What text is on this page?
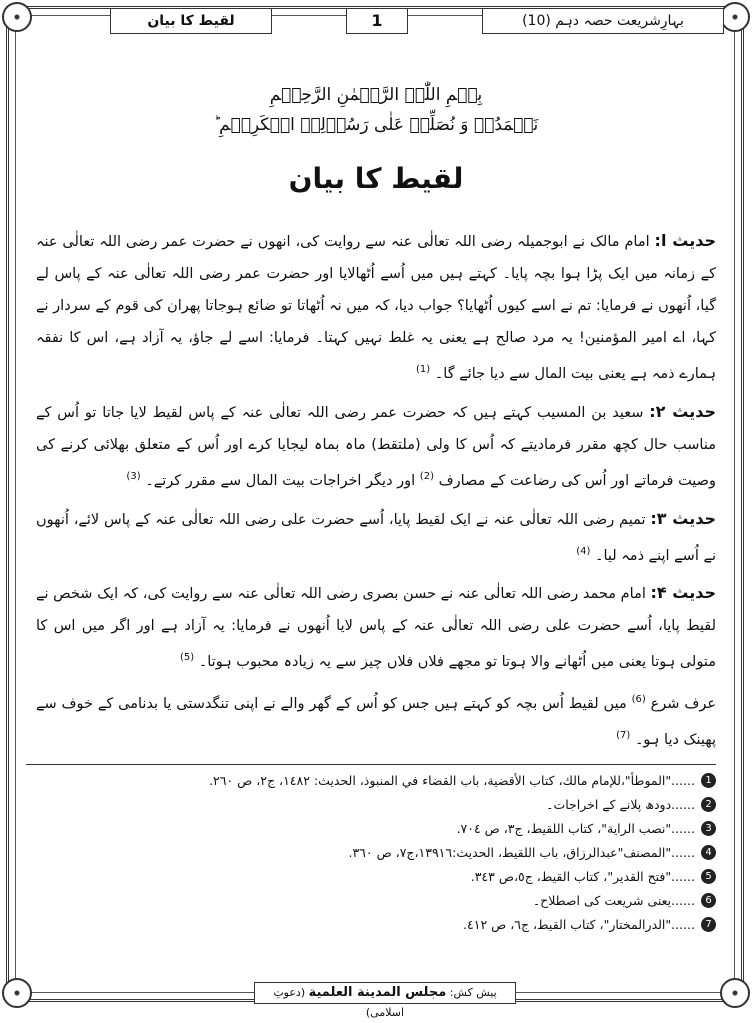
بہارِشریعت حصہ دہم (10)
1
لقیط کا بیان
بِسۡمِ اللّٰہِ الرَّحۡمٰنِ الرَّحِیۡمِ
نَحۡمَدُہٗ وَ نُصَلِّیۡ عَلٰی رَسُوۡلِہِ الۡکَرِیۡمِ ؕ
لقیط کا بیان

حدیث ا: امام مالک نے ابوجمیلہ رضی اللہ تعالٰی عنہ سے روایت کی، انھوں نے حضرت عمر رضی اللہ تعالٰی عنہ کے زمانہ میں ایک پڑا ہوا بچہ پایا۔ کہتے ہیں میں اُسے اُٹھالایا اور حضرت عمر رضی اللہ تعالٰی عنہ کے پاس لے گیا، اُنھوں نے فرمایا: تم نے اسے کیوں اُٹھایا؟ جواب دیا، کہ میں نہ اُٹھاتا تو ضائع ہوجاتا پھران کی قوم کے سردار نے کہا، اے امیر المؤمنین! یہ مرد صالح ہے یعنی یہ غلط نہیں کہتا۔ فرمایا: اسے لے جاؤ، یہ آزاد ہے، اس کا نفقہ ہمارے ذمہ ہے یعنی بیت المال سے دیا جائے گا۔ $^{(1)}$

حدیث ۲: سعید بن المسیب کہتے ہیں کہ حضرت عمر رضی اللہ تعالٰی عنہ کے پاس لقیط لایا جاتا تو اُس کے مناسب حال کچھ مقرر فرمادیتے کہ اُس کا ولی (ملتقط) ماہ بماہ لیجایا کرے اور اُس کے متعلق بھلائی کرنے کی وصیت فرماتے اور اُس کی رضاعت کے مصارف $^{(2)}$ اور دیگر اخراجات بیت المال سے مقرر کرتے۔ $^{(3)}$

حدیث ۳: تمیم رضی اللہ تعالٰی عنہ نے ایک لقیط پایا، اُسے حضرت علی رضی اللہ تعالٰی عنہ کے پاس لائے، اُنھوں نے اُسے اپنے ذمہ لیا۔ $^{(4)}$

حدیث ۴: امام محمد رضی اللہ تعالٰی عنہ نے حسن بصری رضی اللہ تعالٰی عنہ سے روایت کی، کہ ایک شخص نے لقیط پایا، اُسے حضرت علی رضی اللہ تعالٰی عنہ کے پاس لایا اُنھوں نے فرمایا: یہ آزاد ہے اور اگر میں اس کا متولی ہوتا یعنی میں اُٹھانے والا ہوتا تو مجھے فلاں فلاں چیز سے یہ زیادہ محبوب ہوتا۔ $^{(5)}$

عرف شرع $^{(6)}$ میں لقیط اُس بچہ کو کہتے ہیں جس کو اُس کے گھر والے نے اپنی تنگدستی یا بدنامی کے خوف سے پھینک دیا ہو۔ $^{(7)}$

1
......"الموطأ"،للإمام مالك، كتاب الأقضية، باب القضاء في المنبوذ، الحديث: ١٤٨٢، ج٢، ص ٢٦٠.
2
......دودھ پلانے کے اخراجات۔
3
......"نصب الراية"، كتاب اللقيط، ج٣، ص ٧٠٤.
4
......"المصنف"عبدالرزاق، باب اللقيط، الحديث:١٣٩١٦،ج٧، ص ٣٦٠.
5
......"فتح القدير"، كتاب القيط، ج٥،ص ٣٤٣.
6
......یعنی شریعت کی اصطلاح۔
7
......"الدرالمختار"، كتاب القيط، ج٦، ص ٤١٢.
پیش کش: مجلس المدينة العلمية (دعوتِ اسلامی)
